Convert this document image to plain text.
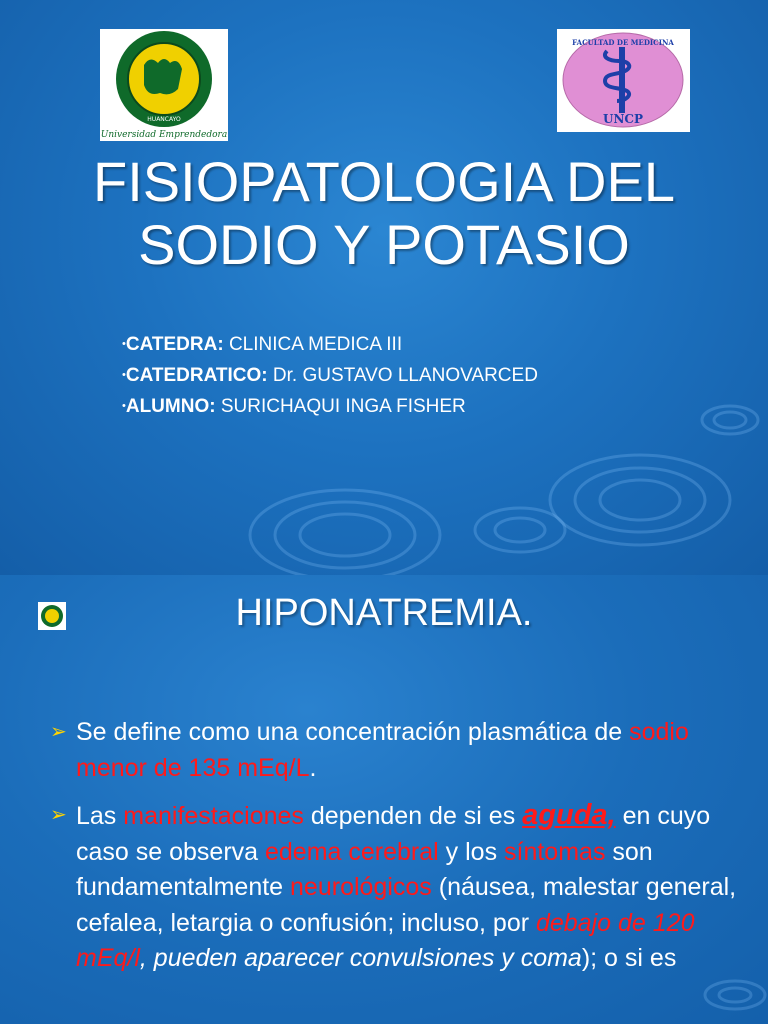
Universidad Emprendedora
HUANCAYO	UNCP
FACULTAD DE MEDICINA
FISIOPATOLOGIA DEL
SODIO Y POTASIO
•CATEDRA: CLINICA MEDICA III
•CATEDRATICO: Dr. GUSTAVO LLANOVARCED
•ALUMNO: SURICHAQUI INGA FISHER
HIPONATREMIA.
➢ Se define como una concentración plasmática de sodio menor de 135 mEq/L.
➢ Las manifestaciones dependen de si es aguda, en cuyo caso se observa edema cerebral y los síntomas son fundamentalmente neurológicos (náusea, malestar general, cefalea, letargia o confusión; incluso, por debajo de 120 mEq/l, pueden aparecer convulsiones y coma); o si es
